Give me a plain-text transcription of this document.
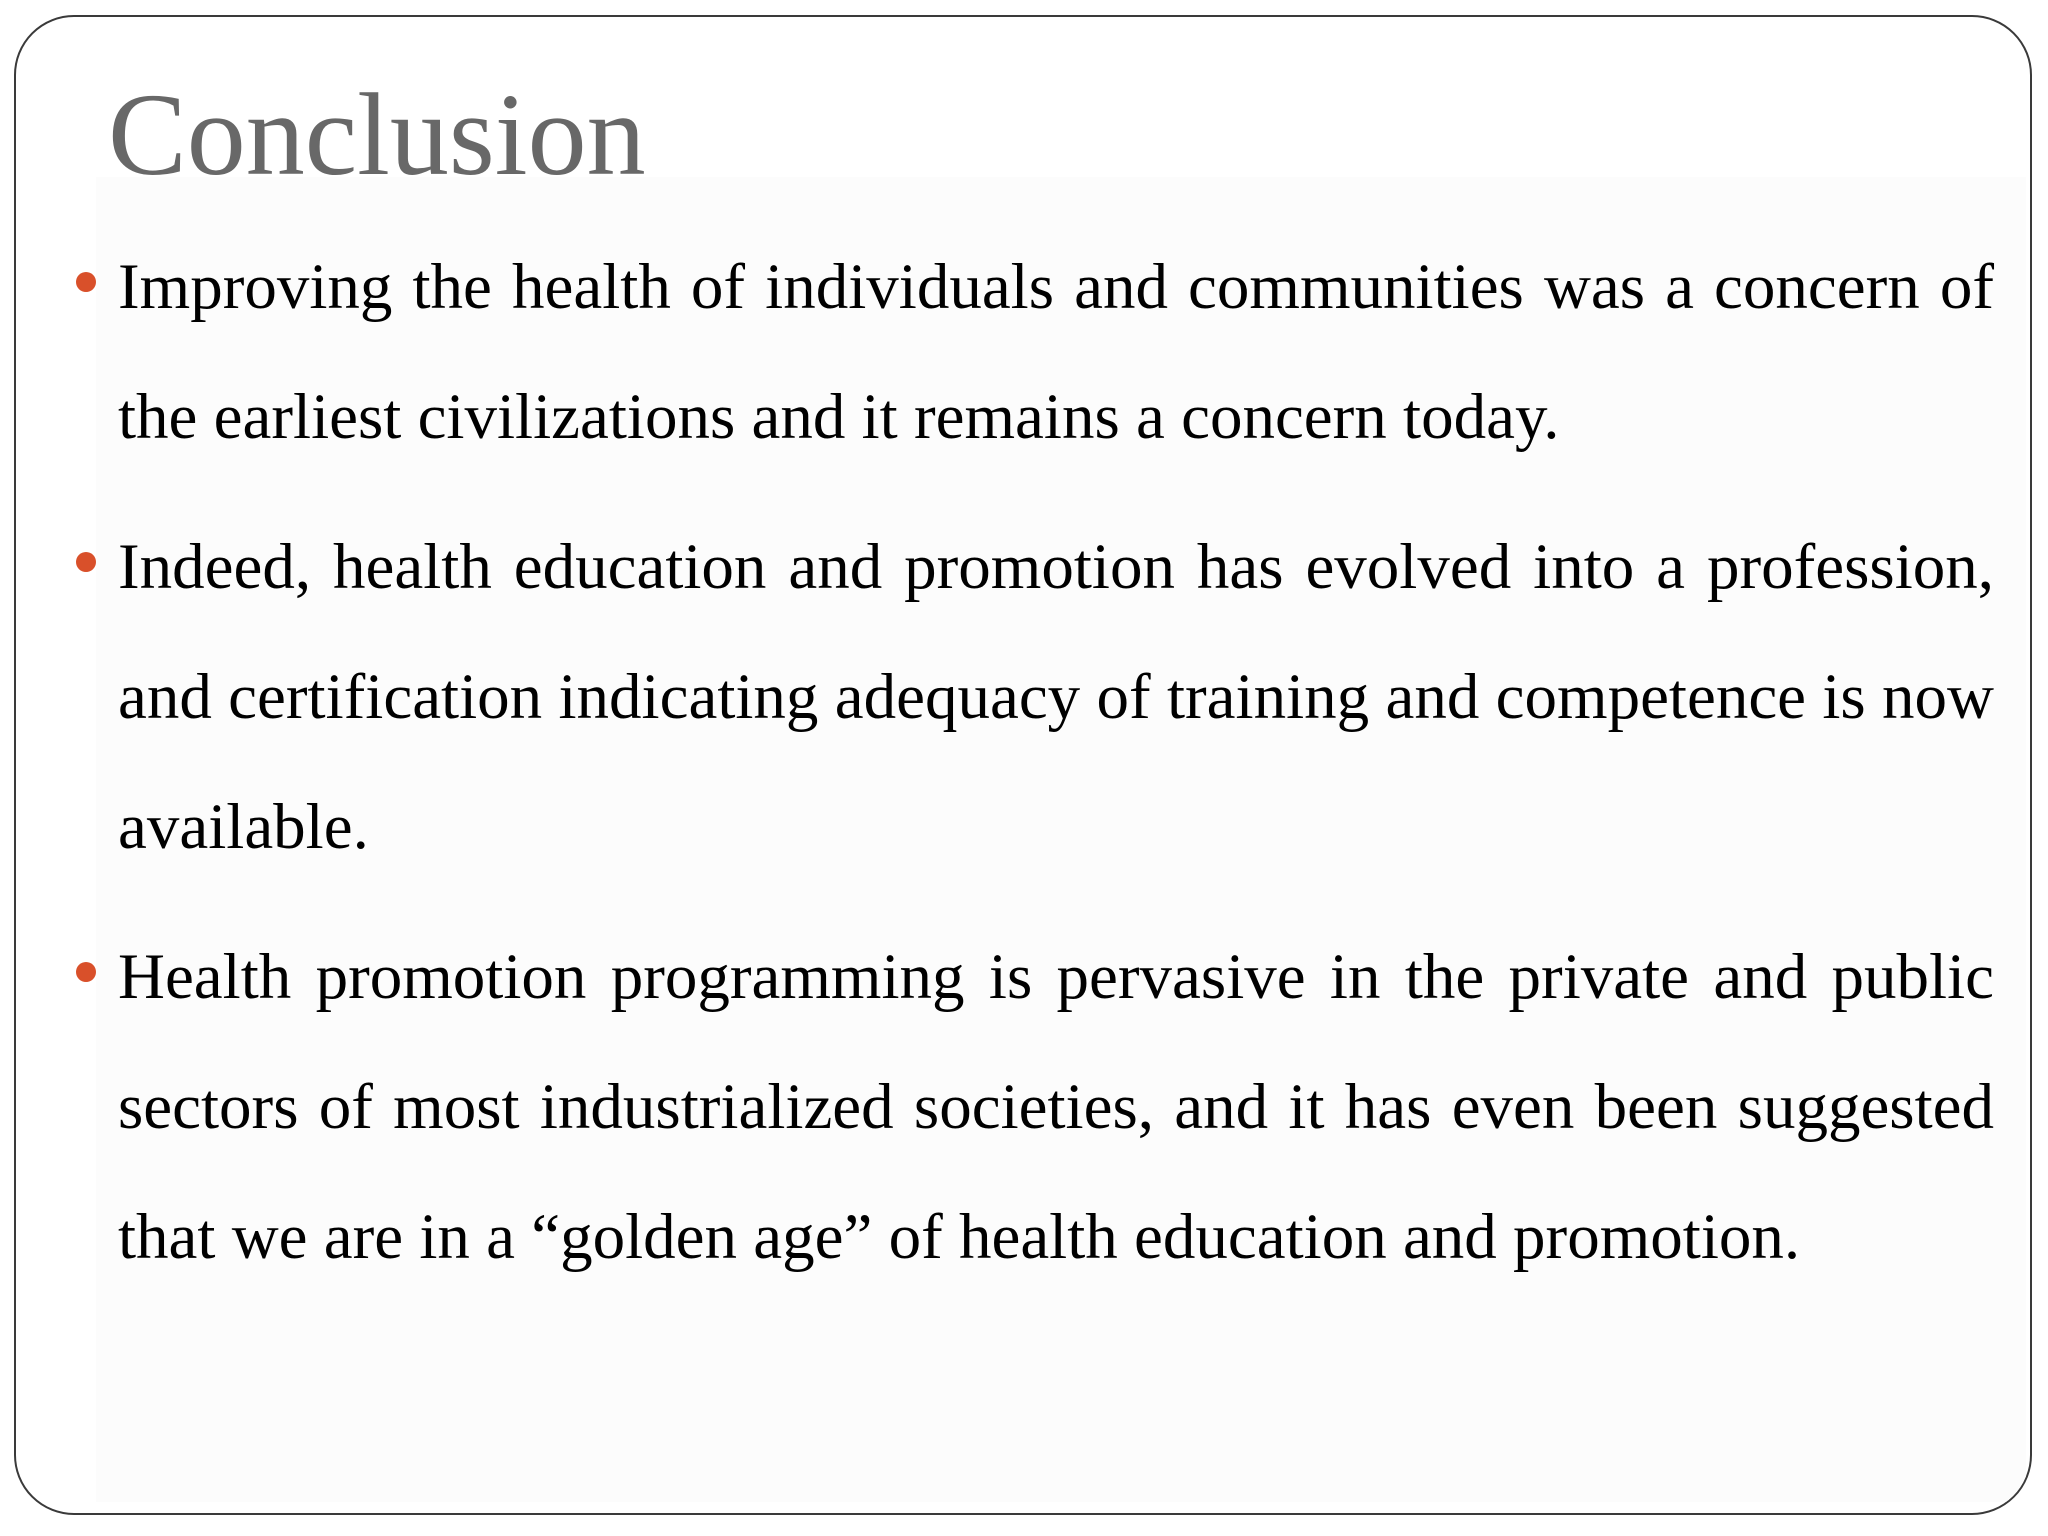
Conclusion

Improving the health of individuals and communities was a concern of the earliest civilizations and it remains a concern today.

Indeed, health education and promotion has evolved into a profession, and certification indicating adequacy of training and competence is now available.

Health promotion programming is pervasive in the private and public sectors of most industrialized societies, and it has even been suggested that we are in a “golden age” of health education and promotion.
